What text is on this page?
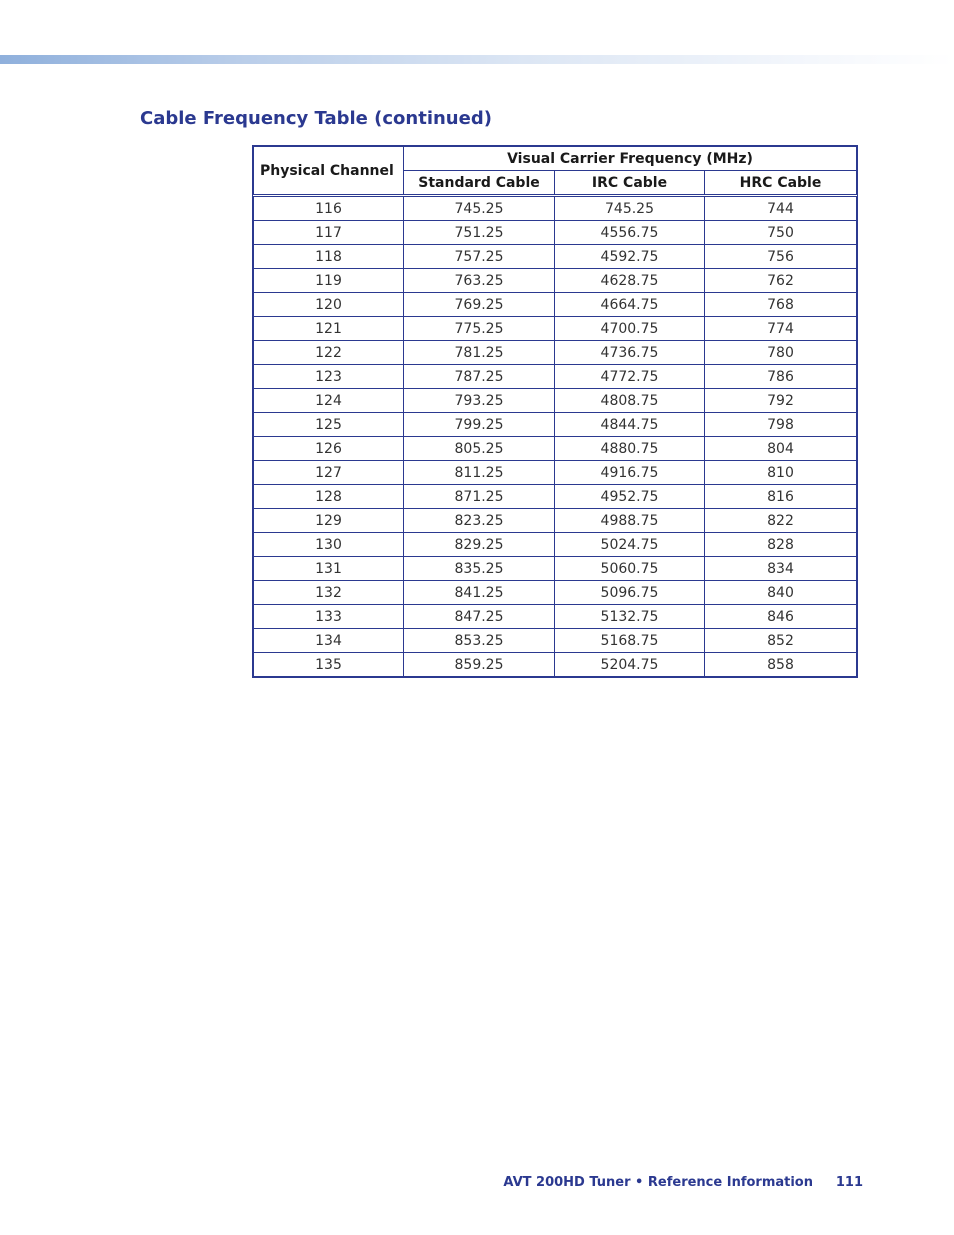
Cable Frequency Table (continued)
Physical Channel	Visual Carrier Frequency (MHz)		
	Standard Cable	IRC Cable	HRC Cable
116	745.25	745.25	744
117	751.25	4556.75	750
118	757.25	4592.75	756
119	763.25	4628.75	762
120	769.25	4664.75	768
121	775.25	4700.75	774
122	781.25	4736.75	780
123	787.25	4772.75	786
124	793.25	4808.75	792
125	799.25	4844.75	798
126	805.25	4880.75	804
127	811.25	4916.75	810
128	871.25	4952.75	816
129	823.25	4988.75	822
130	829.25	5024.75	828
131	835.25	5060.75	834
132	841.25	5096.75	840
133	847.25	5132.75	846
134	853.25	5168.75	852
135	859.25	5204.75	858
AVT 200HD Tuner • Reference Information 111
